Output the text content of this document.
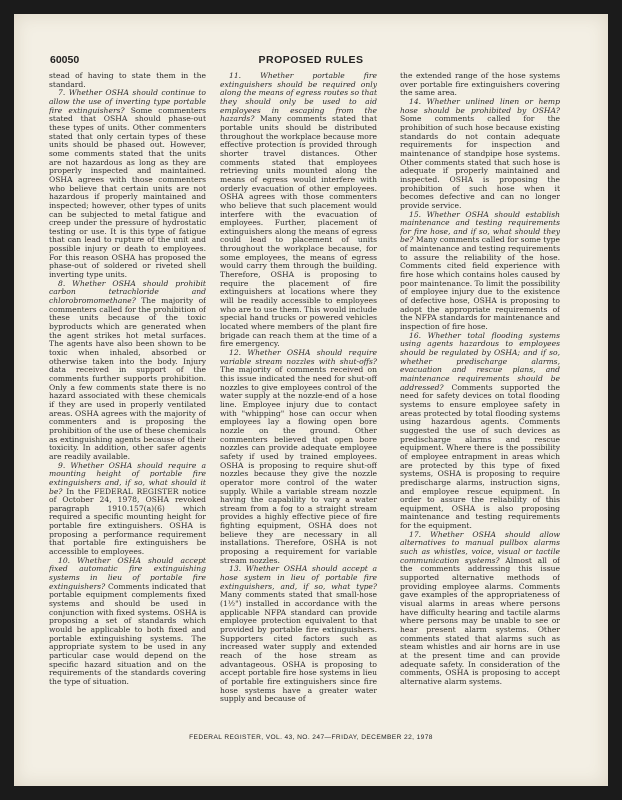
60050	PROPOSED RULES

stead of having to state them in the standard.

7. Whether OSHA should continue to allow the use of inverting type portable fire extinguishers? Some commenters stated that OSHA should phase-out these types of units. Other commenters stated that only certain types of these units should be phased out. However, some comments stated that the units are not hazardous as long as they are properly inspected and maintained. OSHA agrees with those commenters who believe that certain units are not hazardous if properly maintained and inspected; however, other types of units can be subjected to metal fatigue and creep under the pressure of hydrostatic testing or use. It is this type of fatigue that can lead to rupture of the unit and possible injury or death to employees. For this reason OSHA has proposed the phase-out of soldered or riveted shell inverting type units.

8. Whether OSHA should prohibit carbon tetrachloride and chlorobromomethane? The majority of commenters called for the prohibition of these units because of the toxic byproducts which are generated when the agent strikes hot metal surfaces. The agents have also been shown to be toxic when inhaled, absorbed or otherwise taken into the body. Injury data received in support of the comments further supports prohibition. Only a few comments state there is no hazard associated with these chemicals if they are used in properly ventilated areas. OSHA agrees with the majority of commenters and is proposing the prohibition of the use of these chemicals as extinguishing agents because of their toxicity. In addition, other safer agents are readily available.

9. Whether OSHA should require a mounting height of portable fire extinguishers and, if so, what should it be? In the FEDERAL REGISTER notice of October 24, 1978, OSHA revoked paragraph 1910.157(a)(6) which required a specific mounting height for portable fire extinguishers. OSHA is proposing a performance requirement that portable fire extinguishers be accessible to employees.

10. Whether OSHA should accept fixed automatic fire extinguishing systems in lieu of portable fire extinguishers? Comments indicated that portable equipment complements fixed systems and should be used in conjunction with fixed systems. OSHA is proposing a set of standards which would be applicable to both fixed and portable extinguishing systems. The appropriate system to be used in any particular case would depend on the specific hazard situation and on the requirements of the standards covering the type of situation.

11. Whether portable fire extinguishers should be required only along the means of egress routes so that they should only be used to aid employees in escaping from the hazards? Many comments stated that portable units should be distributed throughout the workplace because more effective protection is provided through shorter travel distances. Other comments stated that employees retrieving units mounted along the means of egress would interfere with orderly evacuation of other employees. OSHA agrees with those commenters who believe that such placement would interfere with the evacuation of employees. Further, placement of extinguishers along the means of egress could lead to placement of units throughout the workplace because, for some employees, the means of egress would carry them through the building. Therefore, OSHA is proposing to require the placement of fire extinguishers at locations where they will be readily accessible to employees who are to use them. This would include special hand trucks or powered vehicles located where members of the plant fire brigade can reach them at the time of a fire emergency.

12. Whether OSHA should require variable stream nozzles with shut-offs? The majority of comments received on this issue indicated the need for shut-off nozzles to give employees control of the water supply at the nozzle-end of a hose line. Employee injury due to contact with "whipping" hose can occur when employees lay a flowing open bore nozzle on the ground. Other commenters believed that open bore nozzles can provide adequate employee safety if used by trained employees. OSHA is proposing to require shut-off nozzles because they give the nozzle operator more control of the water supply. While a variable stream nozzle having the capability to vary a water stream from a fog to a straight stream provides a highly effective piece of fire fighting equipment, OSHA does not believe they are necessary in all installations. Therefore, OSHA is not proposing a requirement for variable stream nozzles.

13. Whether OSHA should accept a hose system in lieu of portable fire extinguishers, and, if so, what type? Many comments stated that small-hose (1½") installed in accordance with the applicable NFPA standard can provide employee protection equivalent to that provided by portable fire extinguishers. Supporters cited factors such as increased water supply and extended reach of the hose stream as advantageous. OSHA is proposing to accept portable fire hose systems in lieu of portable fire extinguishers since fire hose systems have a greater water supply and because of

the extended range of the hose systems over portable fire extinguishers covering the same area.

14. Whether unlined linen or hemp hose should be prohibited by OSHA? Some comments called for the prohibition of such hose because existing standards do not contain adequate requirements for inspection and maintenance of standpipe hose systems. Other comments stated that such hose is adequate if properly maintained and inspected. OSHA is proposing the prohibition of such hose when it becomes defective and can no longer provide service.

15. Whether OSHA should establish maintenance and testing requirements for fire hose, and if so, what should they be? Many comments called for some type of maintenance and testing requirements to assure the reliability of the hose. Comments cited field experience with fire hose which contains holes caused by poor maintenance. To limit the possibility of employee injury due to the existence of defective hose, OSHA is proposing to adopt the appropriate requirements of the NFPA standards for maintenance and inspection of fire hose.

16. Whether total flooding systems using agents hazardous to employees should be regulated by OSHA; and if so, whether predischarge alarms, evacuation and rescue plans, and maintenance requirements should be addressed? Comments supported the need for safety devices on total flooding systems to ensure employee safety in areas protected by total flooding systems using hazardous agents. Comments suggested the use of such devices as predischarge alarms and rescue equipment. Where there is the possibility of employee entrapment in areas which are protected by this type of fixed systems, OSHA is proposing to require predischarge alarms, instruction signs, and employee rescue equipment. In order to assure the reliability of this equipment, OSHA is also proposing maintenance and testing requirements for the equipment.

17. Whether OSHA should allow alternatives to manual pullbox alarms such as whistles, voice, visual or tactile communication systems? Almost all of the comments addressing this issue supported alternative methods of providing employee alarms. Comments gave examples of the appropriateness of visual alarms in areas where persons have difficulty hearing and tactile alarms where persons may be unable to see or hear present alarm systems. Other comments stated that alarms such as steam whistles and air horns are in use at the present time and can provide adequate safety. In consideration of the comments, OSHA is proposing to accept alternative alarm systems.

FEDERAL REGISTER, VOL. 43, NO. 247—FRIDAY, DECEMBER 22, 1978
